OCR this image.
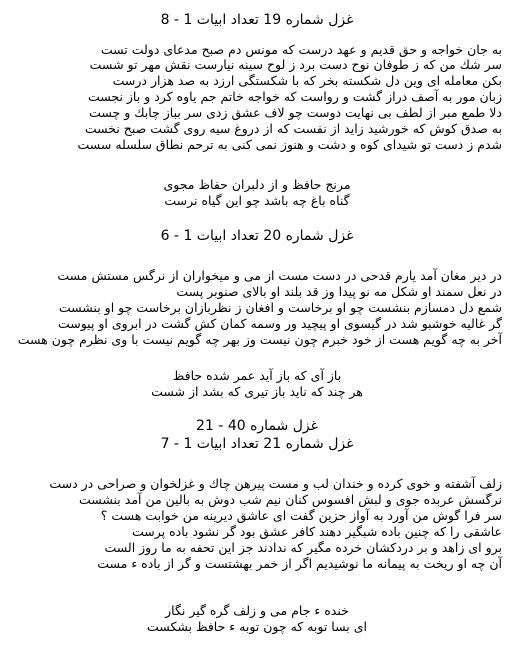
غزل شماره 19 تعداد ابيات 1 - 8
به جان خواجه و حق قديم و عهد درست كه مونس دم صبح مدعاى دولت تست
سر شك من كه ز طوفان نوح دست برد ز لوح سينه نيارست نقش مهر تو شست
بكن معامله اى وين دل شكسته بخر كه با شكستگى ارزد به صد هزار درست
زبان مور به آصف دراز گشت و رواست كه خواجه خاتم جم ياوه كرد و باز نجست
دلا طمع مبر از لطف بى نهايت دوست چو لاف عشق زدى سر بباز چابك و چست
به صدق كوش كه خورشيد زايد از نفست كه از دروغ سيه روى گشت صبح نخست
شدم ز دست تو شيداى كوه و دشت و هنوز نمى كنى به ترحم نطاق سلسله سست
مرنج حافظ و از دلبران حفاظ مجوى
گناه باغ چه باشد چو اين گياه نرست
غزل شماره 20 تعداد ابيات 1 - 6
در دير مغان آمد يارم قدحى در دست مست از مى و ميخواران از نرگس مستش مست
در نعل سمند او شكل مه نو پيدا وز قد بلند او بالاى صنوبر پست
شمع دل دمسازم بنشست چو او برخاست و افغان ز نظربازان برخاست چو او بنشست
گر غاليه خوشبو شد در گيسوى او پيچيد ور وسمه كمان كش گشت در ابروى او پيوست
آخر به چه گويم هست از خود خبرم چون نيست وز بهر چه گويم نيست با وى نظرم چون هست
باز آى كه باز آيد عمر شده حافظ
هر چند كه نايد باز تيرى كه بشد از شست
غزل شماره 40 - 21
غزل شماره 21 تعداد ابيات 1 - 7
زلف آشفته و خوى كرده و خندان لب و مست پيرهن چاك و غزلخوان و صراحى در دست
نرگسش عربده جوى و لبش افسوس كنان نيم شب دوش به بالين من آمد بنشست
سر فرا گوش من آورد به آواز حزين گفت اى عاشق ديرينه من خوابت هست ؟
عاشقى را كه چنين باده شبگير دهند كافر عشق بود گر نشود باده پرست
برو اى زاهد و بر دردكشان خرده مگير كه ندادند جز اين تحفه به ما روز الست
آن چه او ريخت به پيمانه ما نوشيديم اگر از خمر بهشتست و گر از باده ء مست
خنده ء جام مى و زلف گره گير نگار
اى بسا توبه كه چون توبه ء حافظ بشكست
